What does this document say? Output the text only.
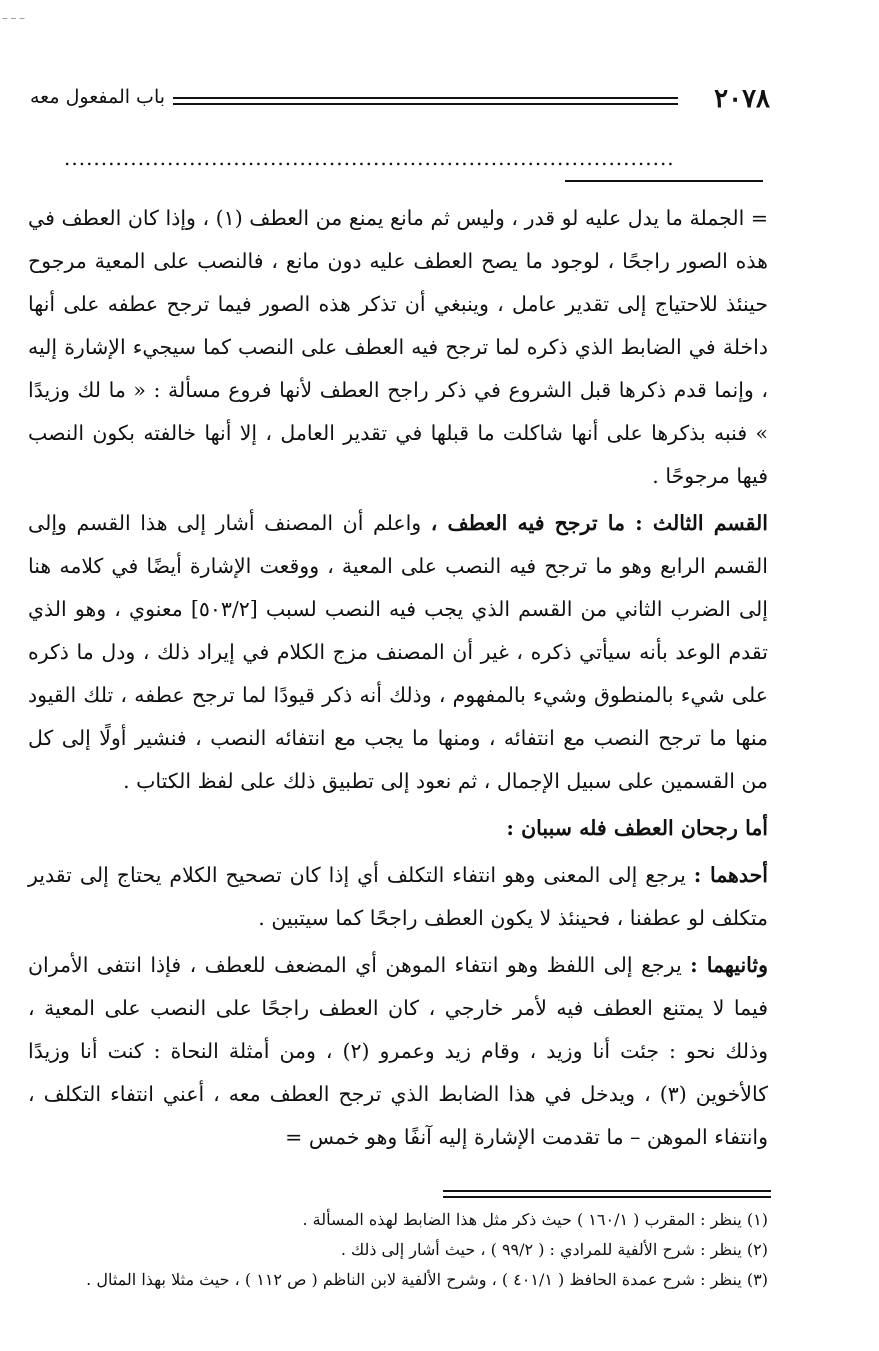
‒ ‒ ‒
٢٠٧٨
باب المفعول معه
...................................................................................

= الجملة ما يدل عليه لو قدر ، وليس ثم مانع يمنع من العطف (١) ، وإذا كان العطف في هذه الصور راجحًا ، لوجود ما يصح العطف عليه دون مانع ، فالنصب على المعية مرجوح حينئذ للاحتياج إلى تقدير عامل ، وينبغي أن تذكر هذه الصور فيما ترجح عطفه على أنها داخلة في الضابط الذي ذكره لما ترجح فيه العطف على النصب كما سيجيء الإشارة إليه ، وإنما قدم ذكرها قبل الشروع في ذكر راجح العطف لأنها فروع مسألة : « ما لك وزيدًا » فنبه بذكرها على أنها شاكلت ما قبلها في تقدير العامل ، إلا أنها خالفته بكون النصب فيها مرجوحًا .

القسم الثالث : ما ترجح فيه العطف ، واعلم أن المصنف أشار إلى هذا القسم وإلى القسم الرابع وهو ما ترجح فيه النصب على المعية ، ووقعت الإشارة أيضًا في كلامه هنا إلى الضرب الثاني من القسم الذي يجب فيه النصب لسبب [٥٠٣/٢] معنوي ، وهو الذي تقدم الوعد بأنه سيأتي ذكره ، غير أن المصنف مزج الكلام في إيراد ذلك ، ودل ما ذكره على شيء بالمنطوق وشيء بالمفهوم ، وذلك أنه ذكر قيودًا لما ترجح عطفه ، تلك القيود منها ما ترجح النصب مع انتفائه ، ومنها ما يجب مع انتفائه النصب ، فنشير أولًا إلى كل من القسمين على سبيل الإجمال ، ثم نعود إلى تطبيق ذلك على لفظ الكتاب .

أما رجحان العطف فله سببان :

أحدهما : يرجع إلى المعنى وهو انتفاء التكلف أي إذا كان تصحيح الكلام يحتاج إلى تقدير متكلف لو عطفنا ، فحينئذ لا يكون العطف راجحًا كما سيتبين .

وثانيهما : يرجع إلى اللفظ وهو انتفاء الموهن أي المضعف للعطف ، فإذا انتفى الأمران فيما لا يمتنع العطف فيه لأمر خارجي ، كان العطف راجحًا على النصب على المعية ، وذلك نحو : جئت أنا وزيد ، وقام زيد وعمرو (٢) ، ومن أمثلة النحاة : كنت أنا وزيدًا كالأخوين (٣) ، ويدخل في هذا الضابط الذي ترجح العطف معه ، أعني انتفاء التكلف ، وانتفاء الموهن – ما تقدمت الإشارة إليه آنفًا وهو خمس =

(١) ينظر : المقرب ( ١٦٠/١ ) حيث ذكر مثل هذا الضابط لهذه المسألة .
(٢) ينظر : شرح الألفية للمرادي : ( ٩٩/٢ ) ، حيث أشار إلى ذلك .
(٣) ينظر : شرح عمدة الحافظ ( ٤٠١/١ ) ، وشرح الألفية لابن الناظم ( ص ١١٢ ) ، حيث مثلا بهذا المثال .
